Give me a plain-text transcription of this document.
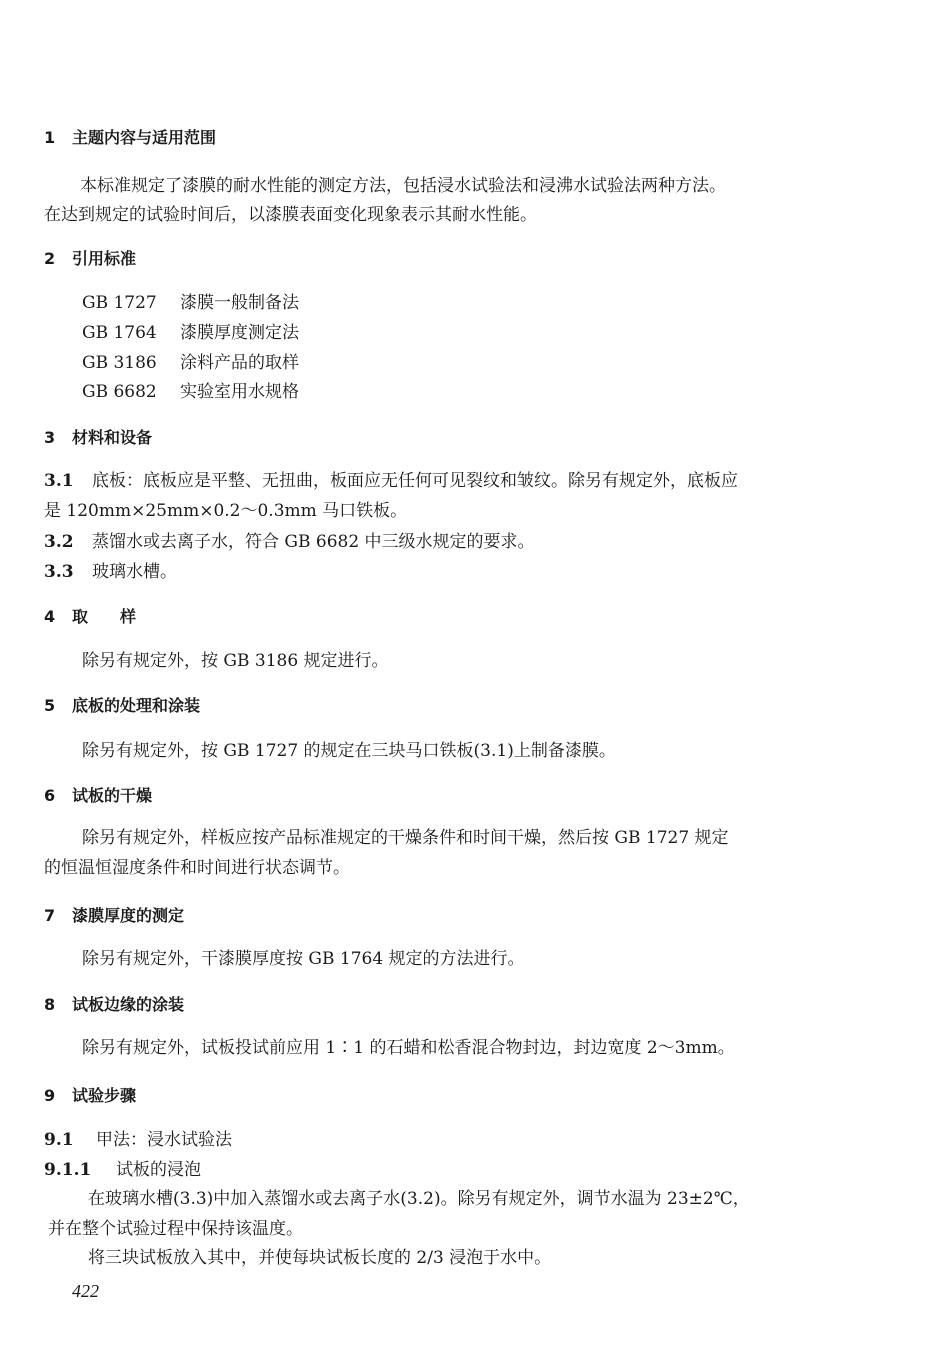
1 主题内容与适用范围
本标准规定了漆膜的耐水性能的测定方法，包括浸水试验法和浸沸水试验法两种方法。
在达到规定的试验时间后，以漆膜表面变化现象表示其耐水性能。
2 引用标准
GB 1727 漆膜一般制备法
GB 1764 漆膜厚度测定法
GB 3186 涂料产品的取样
GB 6682 实验室用水规格
3 材料和设备
3.1 底板：底板应是平整、无扭曲，板面应无任何可见裂纹和皱纹。除另有规定外，底板应
是 120mm×25mm×0.2～0.3mm 马口铁板。
3.2 蒸馏水或去离子水，符合 GB 6682 中三级水规定的要求。
3.3 玻璃水槽。
4 取　　样
除另有规定外，按 GB 3186 规定进行。
5 底板的处理和涂装
除另有规定外，按 GB 1727 的规定在三块马口铁板(3.1)上制备漆膜。
6 试板的干燥
除另有规定外，样板应按产品标准规定的干燥条件和时间干燥，然后按 GB 1727 规定
的恒温恒湿度条件和时间进行状态调节。
7 漆膜厚度的测定
除另有规定外，干漆膜厚度按 GB 1764 规定的方法进行。
8 试板边缘的涂装
除另有规定外，试板投试前应用 1∶1 的石蜡和松香混合物封边，封边宽度 2～3mm。
9 试验步骤
9.1 甲法：浸水试验法
9.1.1 试板的浸泡
在玻璃水槽(3.3)中加入蒸馏水或去离子水(3.2)。除另有规定外，调节水温为 23±2℃，
并在整个试验过程中保持该温度。
将三块试板放入其中，并使每块试板长度的 2/3 浸泡于水中。
422
